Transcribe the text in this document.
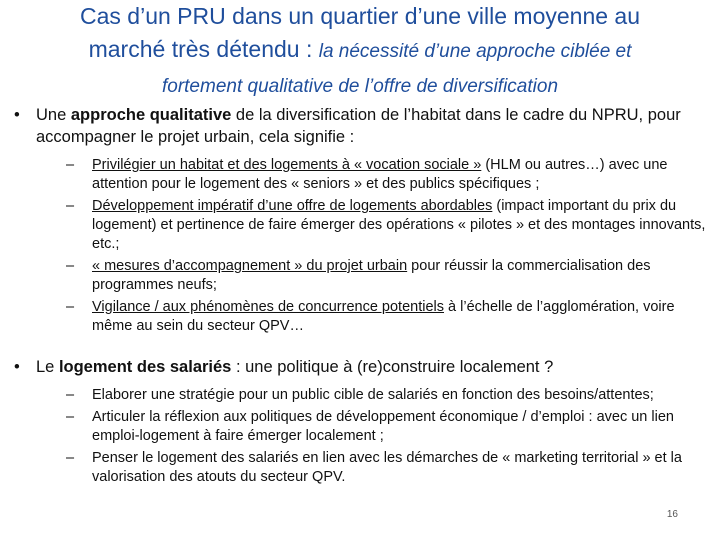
Cas d’un PRU dans un quartier d’une ville moyenne au
marché très détendu : la nécessité d’une approche ciblée et
fortement qualitative de l’offre de diversification
• Une approche qualitative de la diversification de l’habitat dans le cadre du NPRU, pour accompagner le projet urbain, cela signifie :
– Privilégier un habitat et des logements à « vocation sociale » (HLM ou autres…) avec une attention pour le logement des « seniors » et des publics spécifiques ;
– Développement impératif d’une offre de logements abordables (impact important du prix du logement) et pertinence de faire émerger des opérations « pilotes » et des montages innovants, etc.;
– « mesures d’accompagnement » du projet urbain pour réussir la commercialisation des programmes neufs;
– Vigilance / aux phénomènes de concurrence potentiels à l’échelle de l’agglomération, voire même au sein du secteur QPV…
• Le logement des salariés : une politique à (re)construire localement ?
– Elaborer une stratégie pour un public cible de salariés en fonction des besoins/attentes;
– Articuler la réflexion aux politiques de développement économique / d’emploi : avec un lien emploi-logement à faire émerger localement ;
– Penser le logement des salariés en lien avec les démarches de « marketing territorial » et la valorisation des atouts du secteur QPV.
16
